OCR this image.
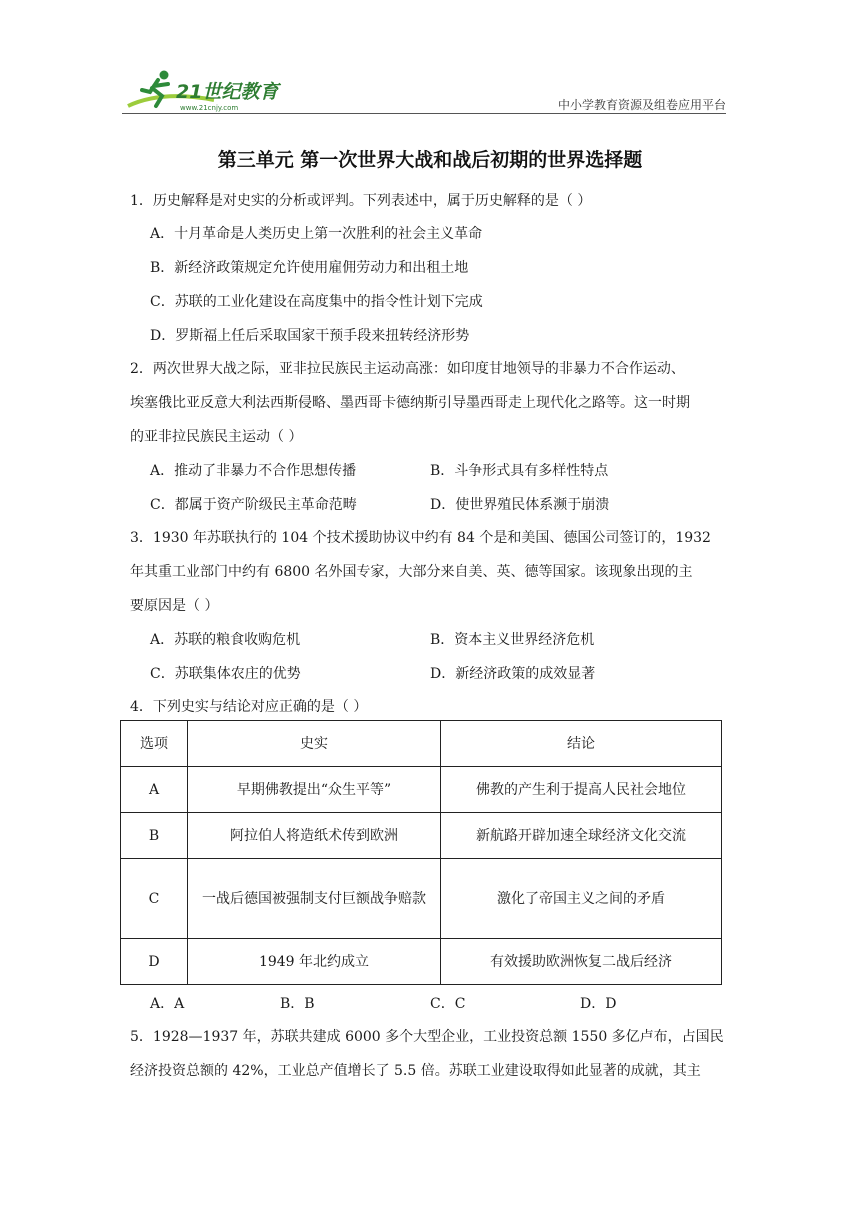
21世纪教育
www.21cnjy.com	中小学教育资源及组卷应用平台
第三单元 第一次世界大战和战后初期的世界选择题
1．历史解释是对史实的分析或评判。下列表述中，属于历史解释的是（ ）
A．十月革命是人类历史上第一次胜利的社会主义革命
B．新经济政策规定允许使用雇佣劳动力和出租土地
C．苏联的工业化建设在高度集中的指令性计划下完成
D．罗斯福上任后采取国家干预手段来扭转经济形势
2．两次世界大战之际，亚非拉民族民主运动高涨：如印度甘地领导的非暴力不合作运动、
埃塞俄比亚反意大利法西斯侵略、墨西哥卡德纳斯引导墨西哥走上现代化之路等。这一时期
的亚非拉民族民主运动（ ）
A．推动了非暴力不合作思想传播	B．斗争形式具有多样性特点
C．都属于资产阶级民主革命范畴	D．使世界殖民体系濒于崩溃
3．1930 年苏联执行的 104 个技术援助协议中约有 84 个是和美国、德国公司签订的，1932
年其重工业部门中约有 6800 名外国专家，大部分来自美、英、德等国家。该现象出现的主
要原因是（ ）
A．苏联的粮食收购危机	B．资本主义世界经济危机
C．苏联集体农庄的优势	D．新经济政策的成效显著
4．下列史实与结论对应正确的是（ ）
选项	史实	结论
A	早期佛教提出“众生平等”	佛教的产生利于提高人民社会地位
B	阿拉伯人将造纸术传到欧洲	新航路开辟加速全球经济文化交流
C	一战后德国被强制支付巨额战争赔款	激化了帝国主义之间的矛盾
D	1949 年北约成立	有效援助欧洲恢复二战后经济
A．A	B．B	C．C	D．D
5．1928—1937 年，苏联共建成 6000 多个大型企业，工业投资总额 1550 多亿卢布，占国民
经济投资总额的 42%，工业总产值增长了 5.5 倍。苏联工业建设取得如此显著的成就，其主
